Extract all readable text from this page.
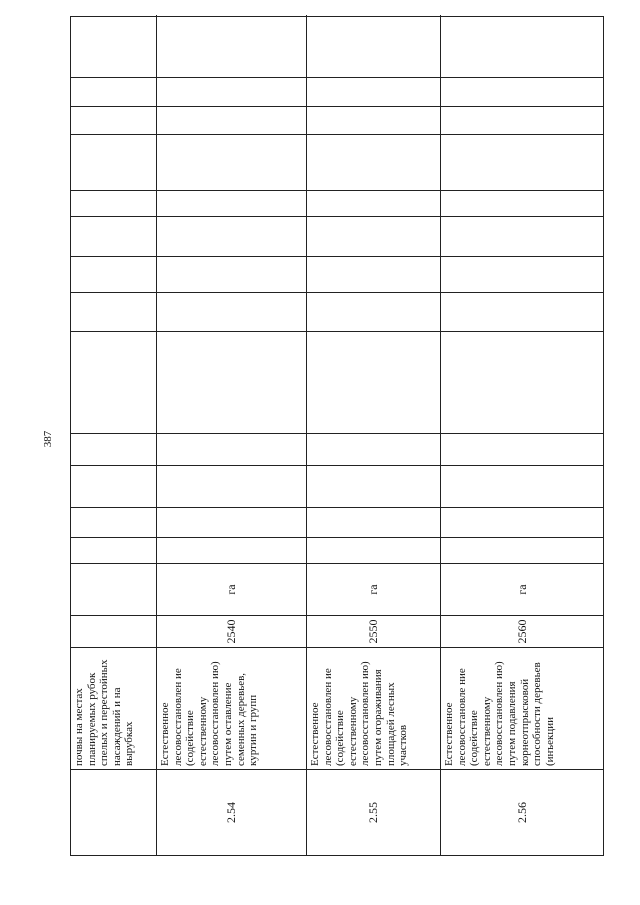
387
почвы на местах планируемых рубок спелых и перестойных насаждений и на вырубках
2.54
Естественное лесовосстановлен ие (содействие естественному лесовосстановлен ию) путем оставление семенных деревьев, куртин и групп
2540
га
2.55
Естественное лесовосстановлен ие (содействие естественному лесовосстановлен ию) путем огораживания площадей лесных участков
2550
га
2.56
Естественное лесовосстановле ние (содействие естественному лесовосстановлен ию) путем подавления корнеотпрысковой способности деревьев (инъекции
2560
га
